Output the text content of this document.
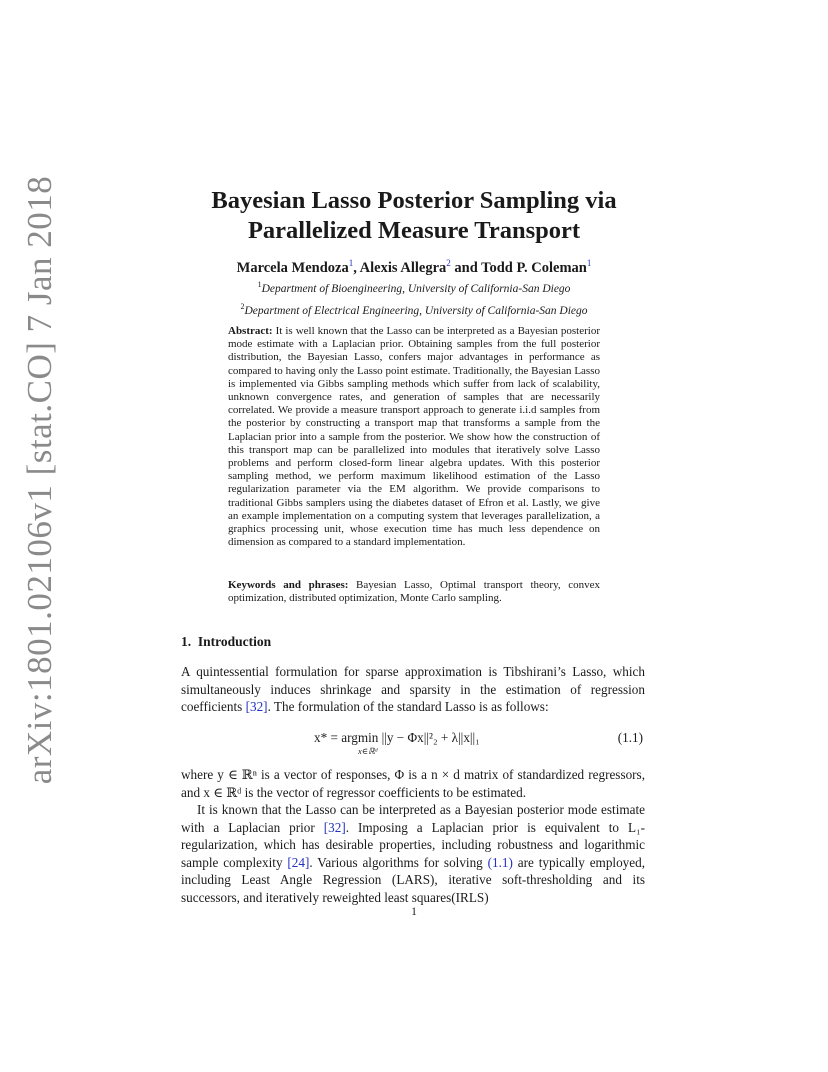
arXiv:1801.02106v1 [stat.CO] 7 Jan 2018	Bayesian Lasso Posterior Sampling via
Parallelized Measure Transport
Marcela Mendoza$^1$, Alexis Allegra$^2$ and Todd P. Coleman$^1$
$^1$Department of Bioengineering, University of California-San Diego
$^2$Department of Electrical Engineering, University of California-San Diego
Abstract: It is well known that the Lasso can be interpreted as a Bayesian posterior mode estimate with a Laplacian prior. Obtaining samples from the full posterior distribution, the Bayesian Lasso, confers major advantages in performance as compared to having only the Lasso point estimate. Traditionally, the Bayesian Lasso is implemented via Gibbs sampling methods which suffer from lack of scalability, unknown convergence rates, and generation of samples that are necessarily correlated. We provide a measure transport approach to generate i.i.d samples from the posterior by constructing a transport map that transforms a sample from the Laplacian prior into a sample from the posterior. We show how the construction of this transport map can be parallelized into modules that iteratively solve Lasso problems and perform closed-form linear algebra updates. With this posterior sampling method, we perform maximum likelihood estimation of the Lasso regularization parameter via the EM algorithm. We provide comparisons to traditional Gibbs samplers using the diabetes dataset of Efron et al. Lastly, we give an example implementation on a computing system that leverages parallelization, a graphics processing unit, whose execution time has much less dependence on dimension as compared to a standard implementation.
Keywords and phrases: Bayesian Lasso, Optimal transport theory, convex optimization, distributed optimization, Monte Carlo sampling.
1. Introduction
A quintessential formulation for sparse approximation is Tibshirani’s Lasso, which simultaneously induces shrinkage and sparsity in the estimation of regression coefficients [32]. The formulation of the standard Lasso is as follows:
x* = argmin ||y − Φx||²₂ + λ||x||₁
x∈ℝᵈ
(1.1)
where y ∈ ℝⁿ is a vector of responses, Φ is a n × d matrix of standardized regressors, and x ∈ ℝᵈ is the vector of regressor coefficients to be estimated.
It is known that the Lasso can be interpreted as a Bayesian posterior mode estimate with a Laplacian prior [32]. Imposing a Laplacian prior is equivalent to L₁-regularization, which has desirable properties, including robustness and logarithmic sample complexity [24]. Various algorithms for solving (1.1) are typically employed, including Least Angle Regression (LARS), iterative soft-thresholding and its successors, and iteratively reweighted least squares(IRLS)
1
